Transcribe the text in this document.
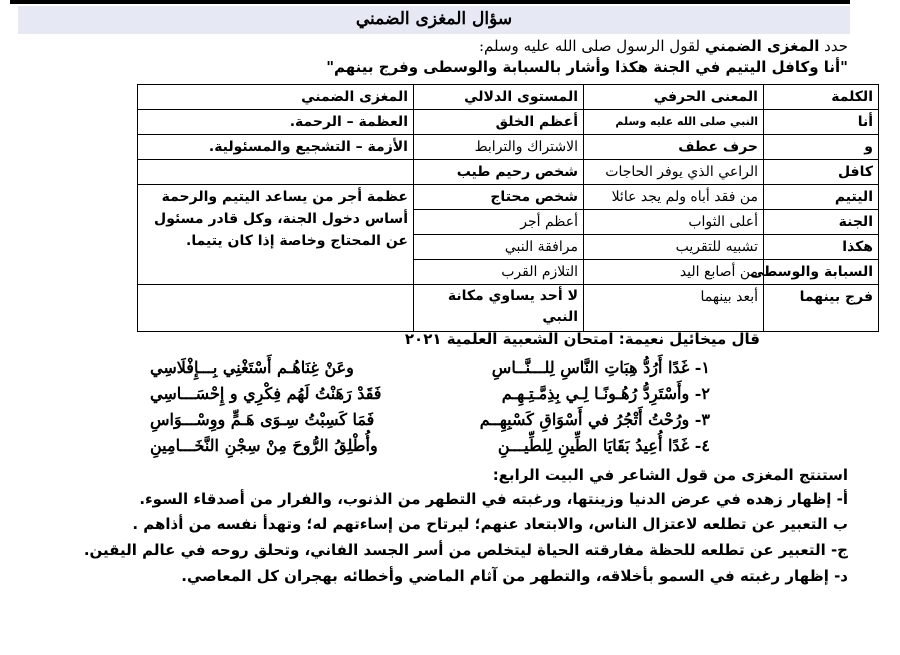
سؤال المغزى الضمني
حدد المغزى الضمني لقول الرسول صلى الله عليه وسلم:
"أنا وكافل اليتيم في الجنة هكذا وأشار بالسبابة والوسطى وفرج بينهم"
الكلمة	المعنى الحرفي	المستوى الدلالي	المغزى الضمني
أنا	النبي صلى الله عليه وسلم	أعظم الخلق	العظمة – الرحمة.
و	حرف عطف	الاشتراك والترابط	الأزمة – التشجيع والمسئولية.
كافل	الراعي الذي يوفر الحاجات	شخص رحيم طيب	
اليتيم	من فقد أباه ولم يجد عائلا	شخص محتاج	عظمة أجر من يساعد اليتيم والرحمة أساس دخول الجنة، وكل قادر مسئول عن المحتاج وخاصة إذا كان يتيما.
الجنة	أعلى الثواب	أعظم أجر	
هكذا	تشبيه للتقريب	مرافقة النبي	
السبابة والوسطى	من أصابع اليد	التلازم القرب	
فرج بينهما	أبعد بينهما	لا أحد يساوي مكانة النبي	
قال ميخائيل نعيمة: امتحان الشعبية العلمية ٢٠٢١
١- غَدًا أَرُدُّ هِبَاتِ النَّاسِ لِلـــنَّــاسِ
وعَنْ غِنَاهُـم أَسْتَغْنِي بِـــإِفْلَاسِي
٢- وأَسْتَرِدُّ رُهُـونًـا لِـي بِذِمَّـتِـهِـم
فَقَدْ رَهَنْتُ لَهُم فِكْرِي و إِحْسَـــاسِي
٣- ورُحْتُ أَتْجُرُ في أَسْوَاقِ كَسْبِهِــم
فَمَا كَسِبْتُ سِـوَى هَـمٍّ ووِسْـــوَاسِ
٤- غَدًا أُعِيدُ بَقَايَا الطِّينِ لِلطِّيـــنِ
وأُطْلِقُ الرُّوحَ مِنْ سِجْنِ النَّخَـــامِينِ
استنتج المغزى من قول الشاعر في البيت الرابع:
أ- إظهار زهده في عرض الدنيا وزينتها، ورغبته في التطهر من الذنوب، والفرار من أصدقاء السوء.
ب التعبير عن تطلعه لاعتزال الناس، والابتعاد عنهم؛ ليرتاح من إساءتهم له؛ وتهدأ نفسه من أذاهم .
ج- التعبير عن تطلعه للحظة مفارقته الحياة ليتخلص من أسر الجسد الفاني، وتحلق روحه في عالم اليقين.
د- إظهار رغبته في السمو بأخلاقه، والتطهر من آثام الماضي وأخطائه بهجران كل المعاصي.
